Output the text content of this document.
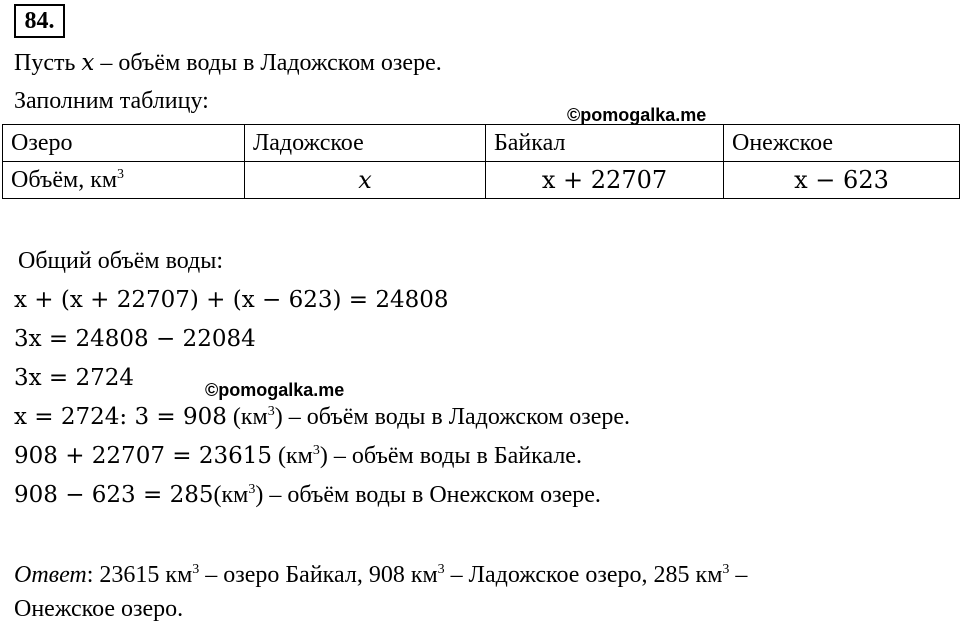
84.
Пусть x – объём воды в Ладожском озере.
Заполним таблицу:
©pomogalka.me
Озеро	Ладожское	Байкал	Онежское
Объём, $км^3$	x	x + 22707	x − 623
Общий объём воды:
x + (x + 22707) + (x − 623) = 24808
3x = 24808 − 22084
3x = 2724	©pomogalka.me
x = 2724: 3 = 908 $(км^3)$ – объём воды в Ладожском озере.
908 + 22707 = 23615 $(км^3)$ – объём воды в Байкале.
$908 - 623 = 285(км^3)$ – объём воды в Онежском озере.
Ответ: 23615 $км^3$ – озеро Байкал, 908 $км^3$ – Ладожское озеро, 285 $км^3$ –
Онежское озеро.
